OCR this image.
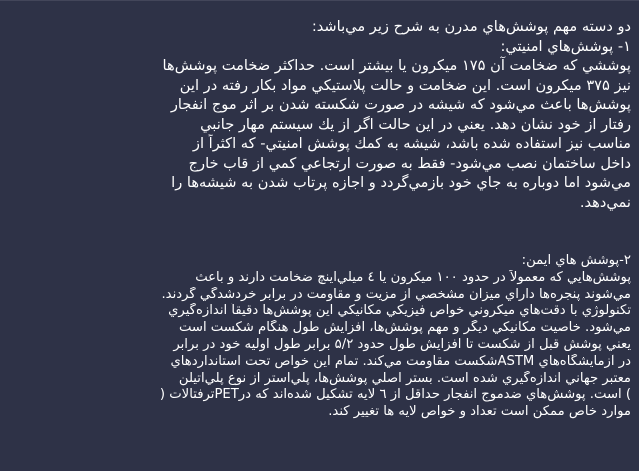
دو دسته مهم پوشش‌هاي مدرن به شرح زير مي‌باشد:
۱- پوشش‌هاي امنيتي:
پوششي كه ضخامت آن ۱۷۵ ميكرون يا بيشتر است. حداكثر ضخامت پوشش‌ها
نيز ۳۷۵ ميكرون است. اين ضخامت و حالت پلاستيكي مواد بكار رفته در اين
پوشش‌ها باعث مي‌شود كه شيشه در صورت شكسته شدن بر اثر موج انفجار
رفتار از خود نشان دهد. يعني در اين حالت اگر از يك سيستم مهار جانبي
مناسب نيز استفاده شده باشد، شيشه به كمك پوشش امنيتي- كه اكثراً از
داخل ساختمان نصب مي‌شود- فقط به صورت ارتجاعي كمي از قاب خارج
مي‌شود اما دوباره به جاي خود بازمي‌گردد و اجازه پرتاب شدن به شيشه‌ها را
نمي‌دهد.
۲-پوشش هاي ايمن:
پوشش‌هايي كه معمولاً در حدود ۱۰۰ ميكرون يا ٤ ميلي‌اينچ ضخامت دارند و باعث
مي‌شوند پنجره‌ها داراي ميزان مشخصي از مزيت و مقاومت در برابر خردشدگي گردند.
تكنولوژي با دقت‌هاي ميكروني خواص فيزيكي مكانيكي اين پوشش‌ها دقيقاً اندازه‌گيري
مي‌شود. خاصيت مكانيكي ديگر و مهم پوشش‌ها، افزايش طول هنگام شكست است
يعني پوشش قبل از شكست تا افزايش طول حدود ۵/۲ برابر طول اوليه خود در برابر
در آزمايشگاه‌هاي ASTMشكست مقاومت مي‌كند. تمام اين خواص تحت استانداردهاي
معتبر جهاني اندازه‌گيري شده است. بستر اصلي پوشش‌ها، پلي‌استر از نوع پلي‌اتيلن
) است. پوشش‌هاي ضدموج انفجار حداقل از ٦ لايه تشكيل شده‌اند كه درPETترفتالات (
موارد خاص ممكن است تعداد و خواص لايه ها تغيير كند.
